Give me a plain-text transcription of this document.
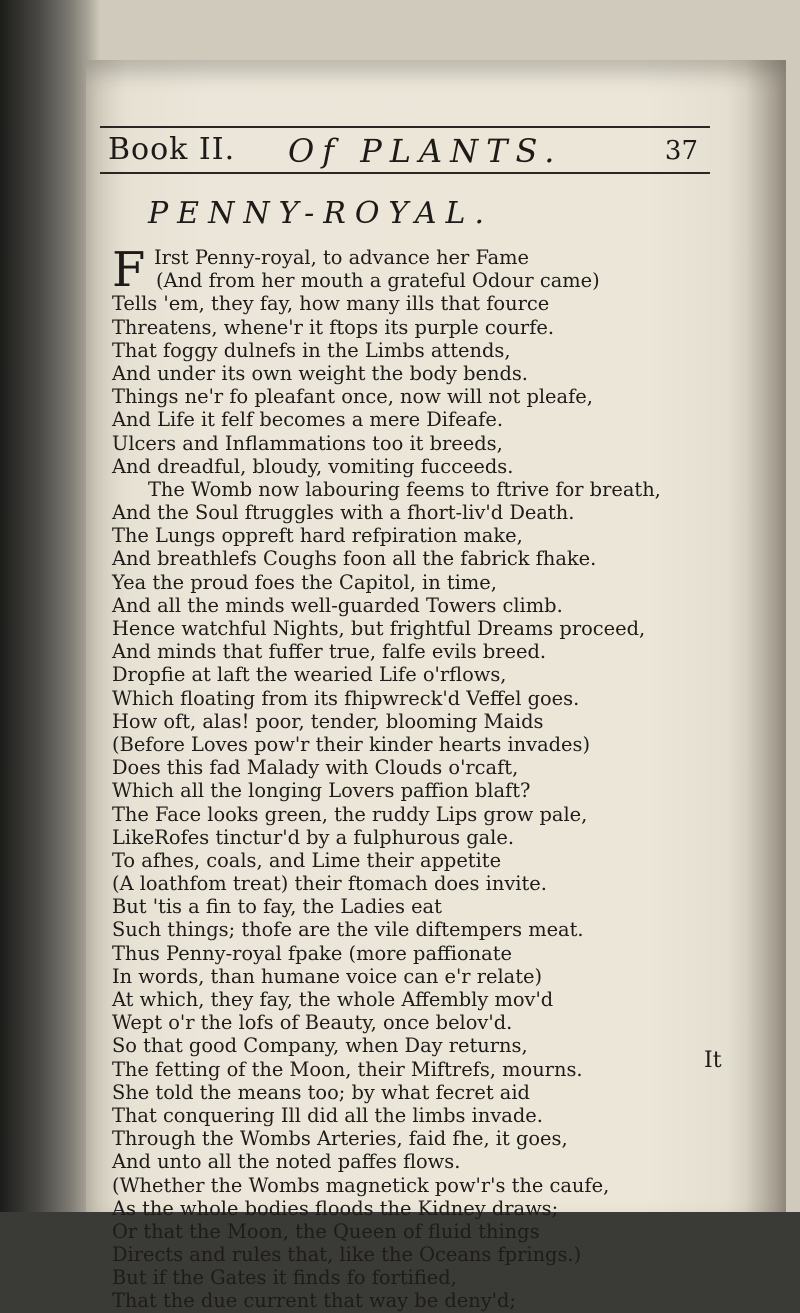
Book II. Of PLANTS.	37
PENNY-ROYAL.
F Irst Penny-royal, to advance her Fame
(And from her mouth a grateful Odour came)
Tells 'em, they fay, how many ills that fource
Threatens, whene'r it ftops its purple courfe.
That foggy dulnefs in the Limbs attends,
And under its own weight the body bends.
Things ne'r fo pleafant once, now will not pleafe,
And Life it felf becomes a mere Difeafe.
Ulcers and Inflammations too it breeds,
And dreadful, bloudy, vomiting fucceeds.
The Womb now labouring feems to ftrive for breath,
And the Soul ftruggles with a fhort-liv'd Death.
The Lungs oppreft hard refpiration make,
And breathlefs Coughs foon all the fabrick fhake.
Yea the proud foes the Capitol, in time,
And all the minds well-guarded Towers climb.
Hence watchful Nights, but frightful Dreams proceed,
And minds that fuffer true, falfe evils breed.
Dropfie at laft the wearied Life o'rflows,
Which floating from its fhipwreck'd Veffel goes.
How oft, alas! poor, tender, blooming Maids
(Before Loves pow'r their kinder hearts invades)
Does this fad Malady with Clouds o'rcaft,
Which all the longing Lovers paffion blaft?
The Face looks green, the ruddy Lips grow pale,
LikeRofes tinctur'd by a fulphurous gale.
To afhes, coals, and Lime their appetite
(A loathfom treat) their ftomach does invite.
But 'tis a fin to fay, the Ladies eat
Such things; thofe are the vile diftempers meat.
Thus Penny-royal fpake (more paffionate
In words, than humane voice can e'r relate)
At which, they fay, the whole Affembly mov'd
Wept o'r the lofs of Beauty, once belov'd.
So that good Company, when Day returns,
The fetting of the Moon, their Miftrefs, mourns.
She told the means too; by what fecret aid
That conquering Ill did all the limbs invade.
Through the Wombs Arteries, faid fhe, it goes,
And unto all the noted paffes flows.
(Whether the Wombs magnetick pow'r's the caufe,
As the whole bodies floods the Kidney draws;
Or that the Moon, the Queen of fluid things
Directs and rules that, like the Oceans fprings.)
But if the Gates it finds fo fortified,
That the due current that way be deny'd;
It
